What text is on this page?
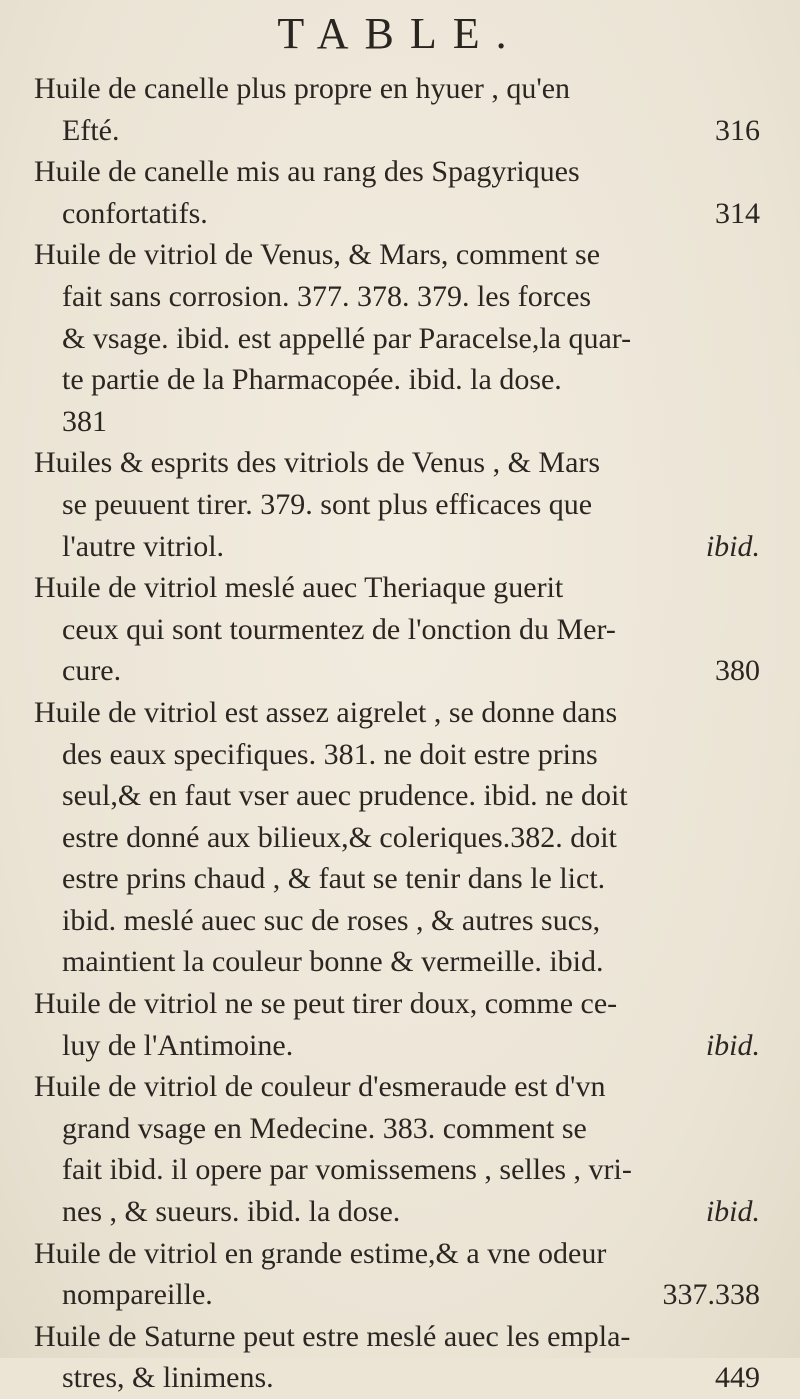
TABLE.
Huile de canelle plus propre en hyuer , qu'en
Efté.	316
Huile de canelle mis au rang des Spagyriques
confortatifs.	314
Huile de vitriol de Venus, & Mars, comment se
fait sans corrosion. 377. 378. 379. les forces
& vsage. ibid. est appellé par Paracelse,la quar-
te partie de la Pharmacopée. ibid. la dose.
381
Huiles & esprits des vitriols de Venus , & Mars
se peuuent tirer. 379. sont plus efficaces que
l'autre vitriol.	ibid.
Huile de vitriol meslé auec Theriaque guerit
ceux qui sont tourmentez de l'onction du Mer-
cure.	380
Huile de vitriol est assez aigrelet , se donne dans
des eaux specifiques. 381. ne doit estre prins
seul,& en faut vser auec prudence. ibid. ne doit
estre donné aux bilieux,& coleriques.382. doit
estre prins chaud , & faut se tenir dans le lict.
ibid. meslé auec suc de roses , & autres sucs,
maintient la couleur bonne & vermeille. ibid.
Huile de vitriol ne se peut tirer doux, comme ce-
luy de l'Antimoine.	ibid.
Huile de vitriol de couleur d'esmeraude est d'vn
grand vsage en Medecine. 383. comment se
fait ibid. il opere par vomissemens , selles , vri-
nes , & sueurs. ibid. la dose.	ibid.
Huile de vitriol en grande estime,& a vne odeur
nompareille.	337.338
Huile de Saturne peut estre meslé auec les empla-
stres, & linimens.	449
